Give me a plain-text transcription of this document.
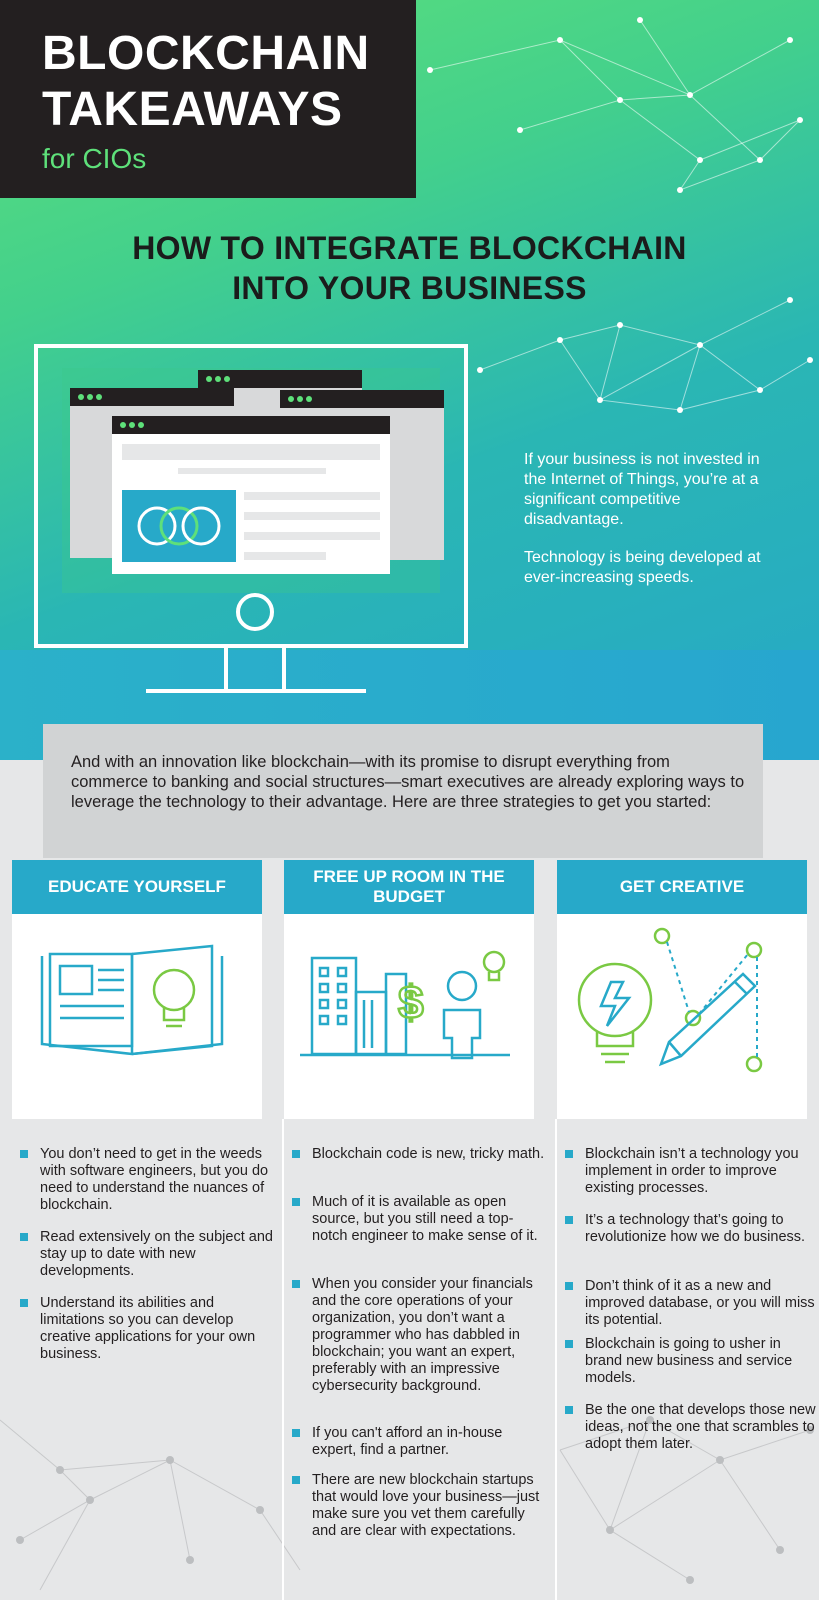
BLOCKCHAIN
TAKEAWAYS
for CIOs
HOW TO INTEGRATE BLOCKCHAIN
INTO YOUR BUSINESS

If your business is not invested in the Internet of Things, you’re at a significant competitive disadvantage.

Technology is being developed at ever-increasing speeds.

And with an innovation like blockchain—with its promise to disrupt everything from commerce to banking and social structures—smart executives are already exploring ways to leverage the technology to their advantage. Here are three strategies to get you started:

EDUCATE YOURSELF
FREE UP ROOM IN THE BUDGET
$
GET CREATIVE

You don’t need to get in the weeds with software engineers, but you do need to understand the nuances of blockchain.

Read extensively on the subject and stay up to date with new developments.

Understand its abilities and limitations so you can develop creative applications for your own business.

Blockchain code is new, tricky math.

Much of it is available as open source, but you still need a top-notch engineer to make sense of it.

When you consider your financials and the core operations of your organization, you don’t want a programmer who has dabbled in blockchain; you want an expert, preferably with an impressive cybersecurity background.

If you can't afford an in-house expert, find a partner.

There are new blockchain startups that would love your business—just make sure you vet them carefully and are clear with expectations.

Blockchain isn’t a technology you implement in order to improve existing processes.

It’s a technology that’s going to revolutionize how we do business.

Don’t think of it as a new and improved database, or you will miss its potential.

Blockchain is going to usher in brand new business and service models.

Be the one that develops those new ideas, not the one that scrambles to adopt them later.
